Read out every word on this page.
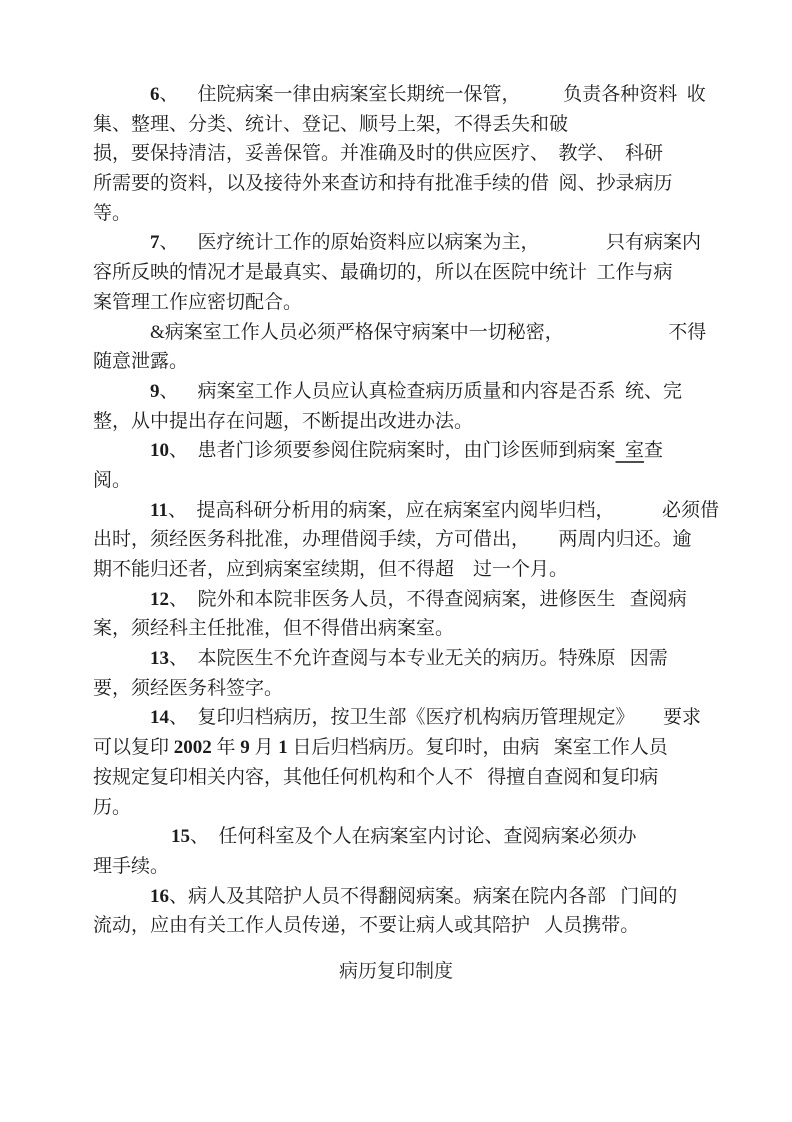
6、    住院病案一律由病案室长期统一保管，         负责各种资料  收
集、整理、分类、统计、登记、顺号上架，不得丢失和破
损，要保持清洁，妥善保管。并准确及时的供应医疗、  教学、  科研
所需要的资料，以及接待外来查访和持有批准手续的借  阅、抄录病历
等。
7、    医疗统计工作的原始资料应以病案为主，              只有病案内
容所反映的情况才是最真实、最确切的，所以在医院中统计  工作与病
案管理工作应密切配合。
&病案室工作人员必须严格保守病案中一切秘密，                      不得
随意泄露。
9、    病案室工作人员应认真检查病历质量和内容是否系  统、完
整，从中提出存在问题，不断提出改进办法。
10、  患者门诊须要参阅住院病案时，由门诊医师到病案  室查
阅。
11、  提高科研分析用的病案，应在病案室内阅毕归档，          必须借
出时，须经医务科批准，办理借阅手续，方可借出，      两周内归还。逾
期不能归还者，应到病案室续期，但不得超    过一个月。
12、  院外和本院非医务人员，不得查阅病案，进修医生   查阅病
案，须经科主任批准，但不得借出病案室。
13、  本院医生不允许查阅与本专业无关的病历。特殊原   因需
要，须经医务科签字。
14、  复印归档病历，按卫生部《医疗机构病历管理规定》      要求
可以复印 2002 年 9 月 1 日后归档病历。复印时，由病   案室工作人员
按规定复印相关内容，其他任何机构和个人不   得擅自查阅和复印病
历。
15、  任何科室及个人在病案室内讨论、查阅病案必须办
理手续。
16、病人及其陪护人员不得翻阅病案。病案在院内各部   门间的
流动，应由有关工作人员传递，不要让病人或其陪护   人员携带。
病历复印制度
